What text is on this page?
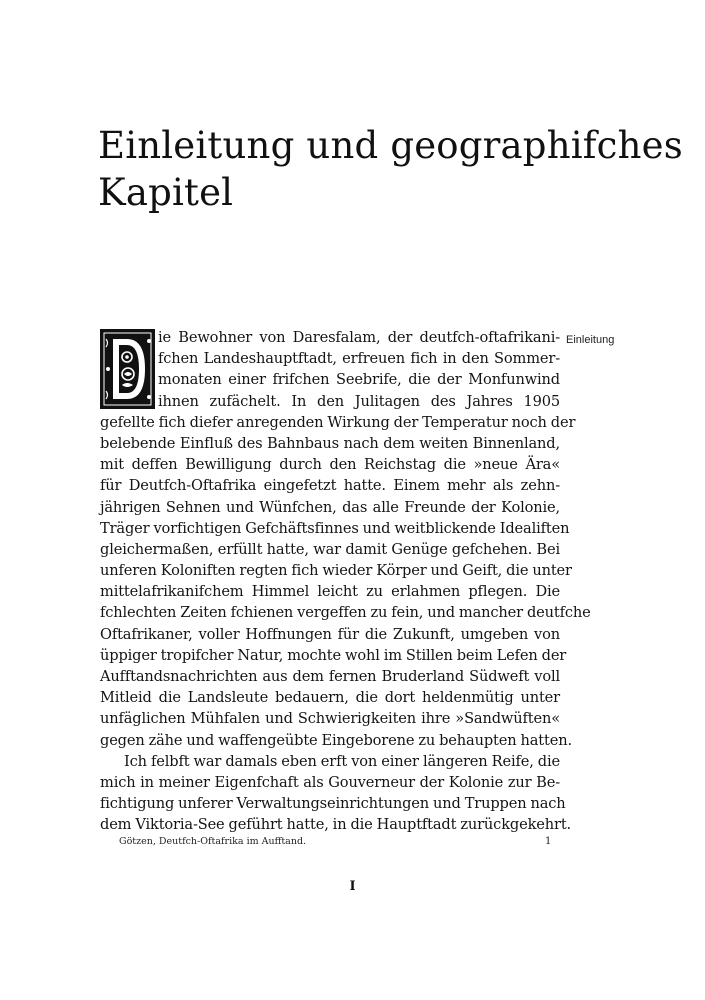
Einleitung und geographifches
Kapitel
Einleitung
ie Bewohner von Daresfalam, der deutfch-oftafrikani-
fchen Landeshauptftadt, erfreuen fich in den Sommer-
monaten einer frifchen Seebrife, die der Monfunwind
ihnen zufächelt. In den Julitagen des Jahres 1905
gefellte fich diefer anregenden Wirkung der Temperatur noch der
belebende Einfluß des Bahnbaus nach dem weiten Binnenland,
mit deffen Bewilligung durch den Reichstag die »neue Ära«
für Deutfch-Oftafrika eingefetzt hatte. Einem mehr als zehn-
jährigen Sehnen und Wünfchen, das alle Freunde der Kolonie,
Träger vorfichtigen Gefchäftsfinnes und weitblickende Idealiften
gleichermaßen, erfüllt hatte, war damit Genüge gefchehen. Bei
unferen Koloniften regten fich wieder Körper und Geift, die unter
mittelafrikanifchem Himmel leicht zu erlahmen pflegen. Die
fchlechten Zeiten fchienen vergeffen zu fein, und mancher deutfche
Oftafrikaner, voller Hoffnungen für die Zukunft, umgeben von
üppiger tropifcher Natur, mochte wohl im Stillen beim Lefen der
Aufftandsnachrichten aus dem fernen Bruderland Südweft voll
Mitleid die Landsleute bedauern, die dort heldenmütig unter
unfäglichen Mühfalen und Schwierigkeiten ihre »Sandwüften«
gegen zähe und waffengeübte Eingeborene zu behaupten hatten.
Ich felbft war damals eben erft von einer längeren Reife, die
mich in meiner Eigenfchaft als Gouverneur der Kolonie zur Be-
fichtigung unferer Verwaltungseinrichtungen und Truppen nach
dem Viktoria-See geführt hatte, in die Hauptftadt zurückgekehrt.
Götzen, Deutfch-Oftafrika im Aufftand.	1
I
